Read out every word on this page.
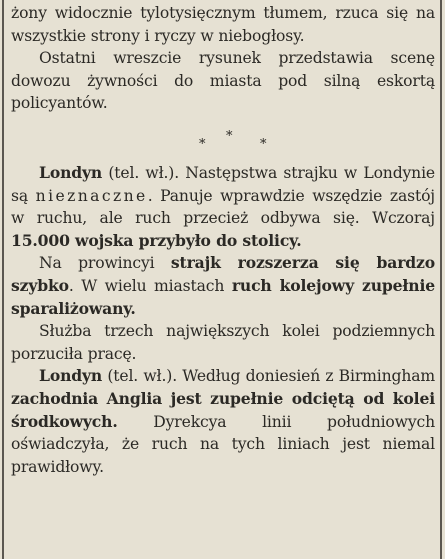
żony widocznie tylotysięcznym tłumem, rzuca się na wszystkie strony i ryczy w niebogłosy.

Ostatni wreszcie rysunek przedstawia scenę dowozu żywności do miasta pod silną eskortą policyantów.

*
*
*

Londyn (tel. wł.). Następstwa strajku w Londynie są nieznaczne. Panuje wprawdzie wszędzie zastój w ruchu, ale ruch przecież odbywa się. Wczoraj 15.000 wojska przybyło do stolicy.

Na prowincyi strajk rozszerza się bardzo szybko. W wielu miastach ruch kolejowy zupełnie sparaliżowany.

Służba trzech największych kolei podziemnych porzuciła pracę.

Londyn (tel. wł.). Według doniesień z Birmingham zachodnia Anglia jest zupełnie odciętą od kolei środkowych. Dyrekcya linii południowych oświadczyła, że ruch na tych liniach jest niemal prawidłowy.
